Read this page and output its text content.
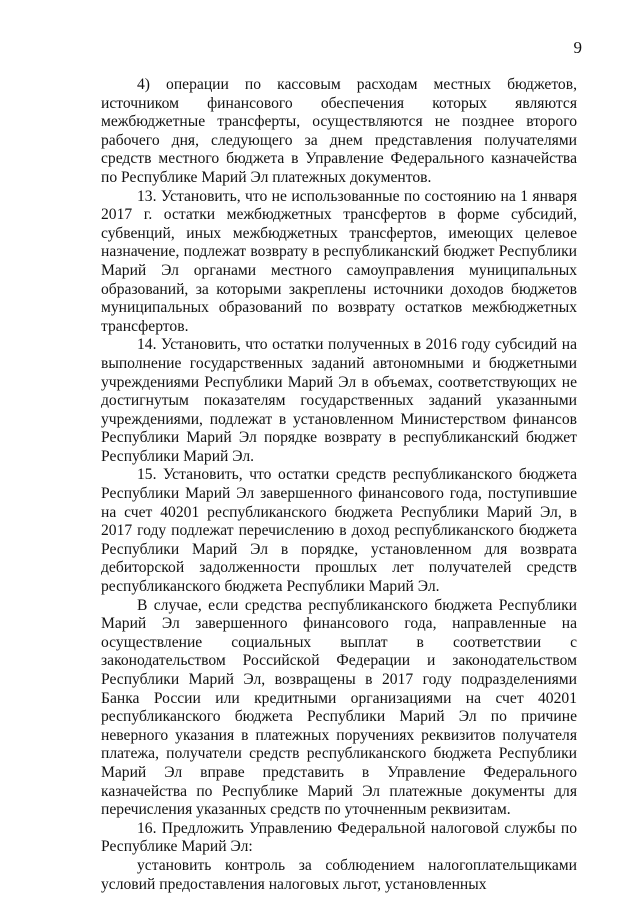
9

4) операции по кассовым расходам местных бюджетов, источником финансового обеспечения которых являются межбюджетные трансферты, осуществляются не позднее второго рабочего дня, следующего за днем представления получателями средств местного бюджета в Управление Федерального казначейства по Республике Марий Эл платежных документов.

13. Установить, что не использованные по состоянию на 1 января 2017 г. остатки межбюджетных трансфертов в форме субсидий, субвенций, иных межбюджетных трансфертов, имеющих целевое назначение, подлежат возврату в республиканский бюджет Республики Марий Эл органами местного самоуправления муниципальных образований, за которыми закреплены источники доходов бюджетов муниципальных образований по возврату остатков межбюджетных трансфертов.

14. Установить, что остатки полученных в 2016 году субсидий на выполнение государственных заданий автономными и бюджетными учреждениями Республики Марий Эл в объемах, соответствующих не достигнутым показателям государственных заданий указанными учреждениями, подлежат в установленном Министерством финансов Республики Марий Эл порядке возврату в республиканский бюджет Республики Марий Эл.

15. Установить, что остатки средств республиканского бюджета Республики Марий Эл завершенного финансового года, поступившие на счет 40201 республиканского бюджета Республики Марий Эл, в 2017 году подлежат перечислению в доход республиканского бюджета Республики Марий Эл в порядке, установленном для возврата дебиторской задолженности прошлых лет получателей средств республиканского бюджета Республики Марий Эл.

В случае, если средства республиканского бюджета Республики Марий Эл завершенного финансового года, направленные на осуществление социальных выплат в соответствии с законодательством Российской Федерации и законодательством Республики Марий Эл, возвращены в 2017 году подразделениями Банка России или кредитными организациями на счет 40201 республиканского бюджета Республики Марий Эл по причине неверного указания в платежных поручениях реквизитов получателя платежа, получатели средств республиканского бюджета Республики Марий Эл вправе представить в Управление Федерального казначейства по Республике Марий Эл платежные документы для перечисления указанных средств по уточненным реквизитам.

16. Предложить Управлению Федеральной налоговой службы по Республике Марий Эл:

установить контроль за соблюдением налогоплательщиками условий предоставления налоговых льгот, установленных
